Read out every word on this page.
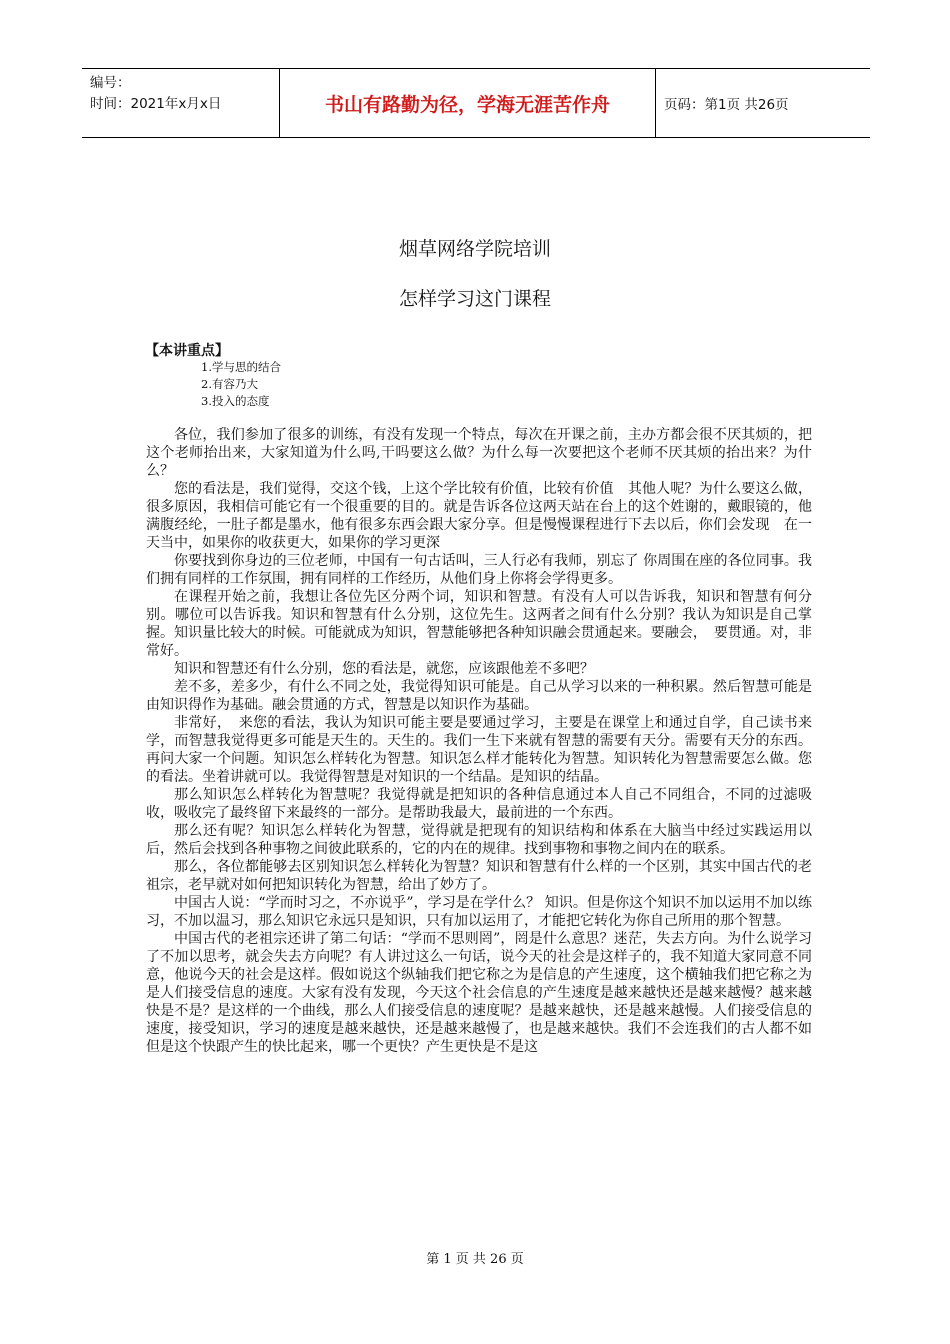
编号：
时间：2021年x月x日	书山有路勤为径，学海无涯苦作舟	页码：第1页 共26页
烟草网络学院培训
怎样学习这门课程
【本讲重点】
1.学与思的结合
2.有容乃大
3.投入的态度

各位，我们参加了很多的训练，有没有发现一个特点，每次在开课之前，主办方都会很不厌其烦的，把这个老师抬出来，大家知道为什么吗,干吗要这么做？为什么每一次要把这个老师不厌其烦的抬出来？为什么？

您的看法是，我们觉得，交这个钱，上这个学比较有价值，比较有价值　其他人呢？为什么要这么做，很多原因，我相信可能它有一个很重要的目的。就是告诉各位这两天站在台上的这个姓谢的，戴眼镜的，他满腹经纶，一肚子都是墨水，他有很多东西会跟大家分享。但是慢慢课程进行下去以后，你们会发现　在一天当中，如果你的收获更大，如果你的学习更深

你要找到你身边的三位老师，中国有一句古话叫，三人行必有我师，别忘了 你周围在座的各位同事。我们拥有同样的工作氛围，拥有同样的工作经历，从他们身上你将会学得更多。

在课程开始之前，我想让各位先区分两个词，知识和智慧。有没有人可以告诉我，知识和智慧有何分别。哪位可以告诉我。知识和智慧有什么分别，这位先生。这两者之间有什么分别？我认为知识是自己掌握。知识量比较大的时候。可能就成为知识，智慧能够把各种知识融会贯通起来。要融会，　要贯通。对，非常好。

知识和智慧还有什么分别，您的看法是，就您，应该跟他差不多吧？

差不多，差多少，有什么不同之处，我觉得知识可能是。自己从学习以来的一种积累。然后智慧可能是由知识得作为基础。融会贯通的方式，智慧是以知识作为基础。

非常好，　来您的看法，我认为知识可能主要是要通过学习，主要是在课堂上和通过自学，自己读书来学，而智慧我觉得更多可能是天生的。天生的。我们一生下来就有智慧的需要有天分。需要有天分的东西。再问大家一个问题。知识怎么样转化为智慧。知识怎么样才能转化为智慧。知识转化为智慧需要怎么做。您的看法。坐着讲就可以。我觉得智慧是对知识的一个结晶。是知识的结晶。

那么知识怎么样转化为智慧呢？我觉得就是把知识的各种信息通过本人自己不同组合，不同的过滤吸收，吸收完了最终留下来最终的一部分。是帮助我最大，最前进的一个东西。

那么还有呢？知识怎么样转化为智慧，觉得就是把现有的知识结构和体系在大脑当中经过实践运用以后，然后会找到各种事物之间彼此联系的，它的内在的规律。找到事物和事物之间内在的联系。

那么，各位都能够去区别知识怎么样转化为智慧？知识和智慧有什么样的一个区别，其实中国古代的老祖宗，老早就对如何把知识转化为智慧，给出了妙方了。

中国古人说：“学而时习之，不亦说乎”，学习是在学什么？ 知识。但是你这个知识不加以运用不加以练习，不加以温习，那么知识它永远只是知识，只有加以运用了，才能把它转化为你自己所用的那个智慧。

中国古代的老祖宗还讲了第二句话：“学而不思则罔”，罔是什么意思？迷茫，失去方向。为什么说学习了不加以思考，就会失去方向呢？有人讲过这么一句话，说今天的社会是这样子的，我不知道大家同意不同意，他说今天的社会是这样。假如说这个纵轴我们把它称之为是信息的产生速度，这个横轴我们把它称之为是人们接受信息的速度。大家有没有发现，今天这个社会信息的产生速度是越来越快还是越来越慢？越来越快是不是？是这样的一个曲线，那么人们接受信息的速度呢？是越来越快，还是越来越慢。人们接受信息的速度，接受知识，学习的速度是越来越快，还是越来越慢了，也是越来越快。我们不会连我们的古人都不如但是这个快跟产生的快比起来，哪一个更快？产生更快是不是这

第 1 页 共 26 页
